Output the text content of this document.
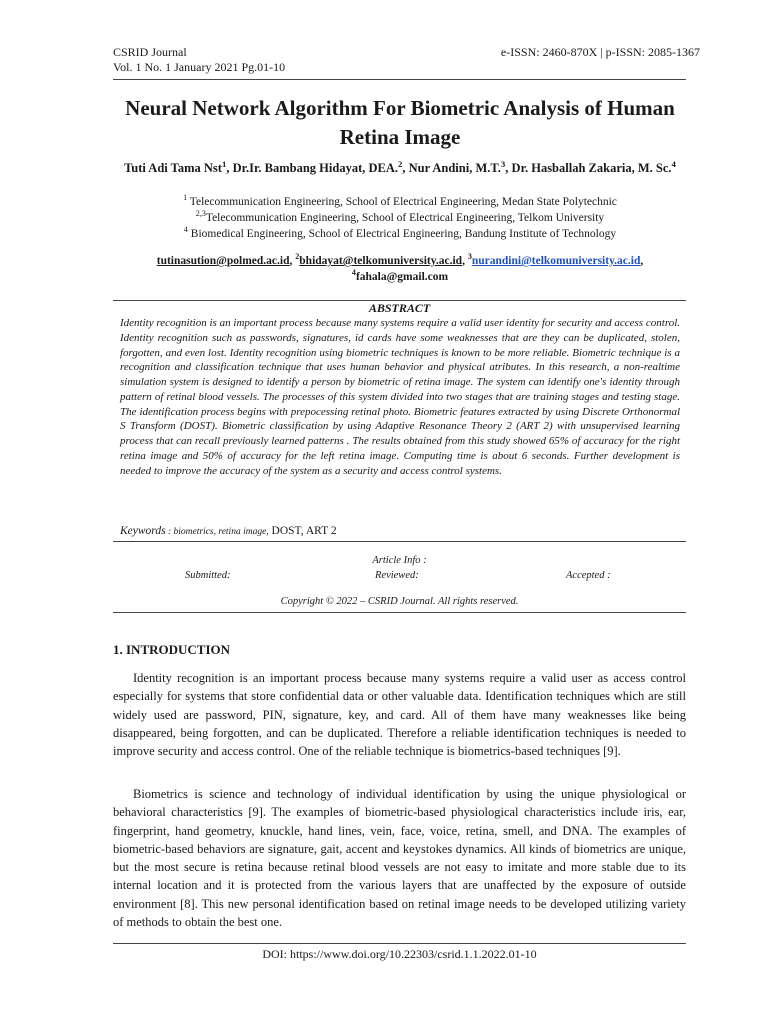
CSRID Journal
Vol. 1 No. 1 January 2021 Pg.01-10
e-ISSN: 2460-870X | p-ISSN: 2085-1367
Neural Network Algorithm For Biometric Analysis of Human Retina Image
Tuti Adi Tama Nst$^1$, Dr.Ir. Bambang Hidayat, DEA.$^2$, Nur Andini, M.T.$^3$, Dr. Hasballah Zakaria, M. Sc.$^4$
$^1$ Telecommunication Engineering, School of Electrical Engineering, Medan State Polytechnic
$^{2,3}$Telecommunication Engineering, School of Electrical Engineering, Telkom University
$^4$ Biomedical Engineering, School of Electrical Engineering, Bandung Institute of Technology
tutinasution@polmed.ac.id, $^2$bhidayat@telkomuniversity.ac.id, $^3$nurandini@telkomuniversity.ac.id,
$^4$fahala@gmail.com
ABSTRACT
Identity recognition is an important process because many systems require a valid user identity for security and access control. Identity recognition such as passwords, signatures, id cards have some weaknesses that are they can be duplicated, stolen, forgotten, and even lost. Identity recognition using biometric techniques is known to be more reliable. Biometric technique is a recognition and classification technique that uses human behavior and physical atributes. In this research, a non-realtime simulation system is designed to identify a person by biometric of retina image. The system can identify one's identity through pattern of retinal blood vessels. The processes of this system divided into two stages that are training stages and testing stage. The identification process begins with prepocessing retinal photo. Biometric features extracted by using Discrete Orthonormal S Transform (DOST). Biometric classification by using Adaptive Resonance Theory 2 (ART 2) with unsupervised learning process that can recall previously learned patterns . The results obtained from this study showed 65% of accuracy for the right retina image and 50% of accuracy for the left retina image. Computing time is about 6 seconds. Further development is needed to improve the accuracy of the system as a security and access control systems.
Keywords : biometrics, retina image, DOST, ART 2
Article Info :
Submitted:	Reviewed:	Accepted :
Copyright © 2022 – CSRID Journal. All rights reserved.
1. INTRODUCTION
Identity recognition is an important process because many systems require a valid user as access control especially for systems that store confidential data or other valuable data. Identification techniques which are still widely used are password, PIN, signature, key, and card. All of them have many weaknesses like being disappeared, being forgotten, and can be duplicated. Therefore a reliable identification techniques is needed to improve security and access control. One of the reliable technique is biometrics-based techniques [9].
Biometrics is science and technology of individual identification by using the unique physiological or behavioral characteristics [9]. The examples of biometric-based physiological characteristics include iris, ear, fingerprint, hand geometry, knuckle, hand lines, vein, face, voice, retina, smell, and DNA. The examples of biometric-based behaviors are signature, gait, accent and keystokes dynamics. All kinds of biometrics are unique, but the most secure is retina because retinal blood vessels are not easy to imitate and more stable due to its internal location and it is protected from the various layers that are unaffected by the exposure of outside environment [8]. This new personal identification based on retinal image needs to be developed utilizing variety of methods to obtain the best one.
DOI: https://www.doi.org/10.22303/csrid.1.1.2022.01-10
